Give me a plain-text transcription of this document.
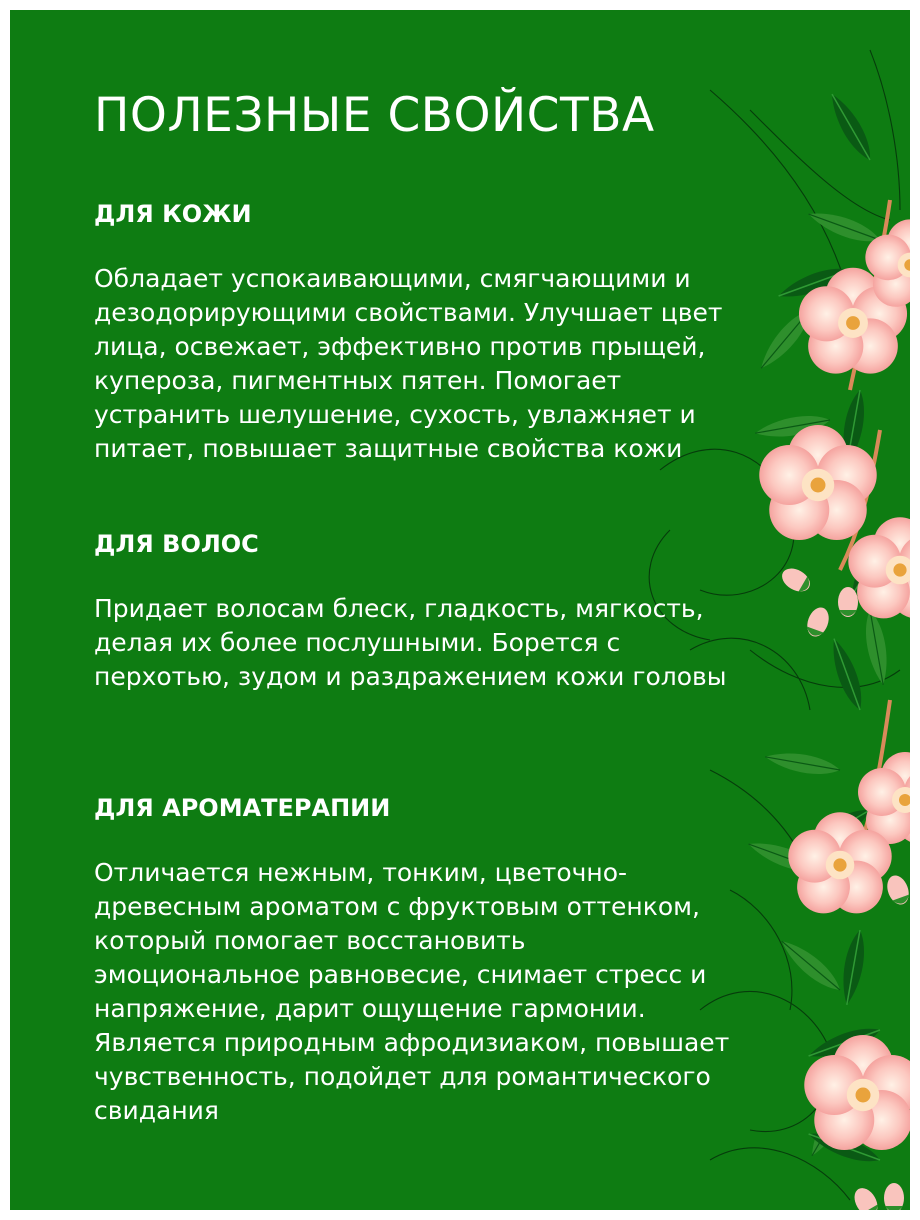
ПОЛЕЗНЫЕ СВОЙСТВА
ДЛЯ КОЖИ

Обладает успокаивающими, смягчающими и дезодорирующими свойствами. Улучшает цвет лица, освежает, эффективно против прыщей, купероза, пигментных пятен. Помогает устранить шелушение, сухость, увлажняет и питает, повышает защитные свойства кожи

ДЛЯ ВОЛОС

Придает волосам блеск, гладкость, мягкость, делая их более послушными. Борется с перхотью, зудом и раздражением кожи головы

ДЛЯ АРОМАТЕРАПИИ

Отличается нежным, тонким, цветочно-древесным ароматом с фруктовым оттенком, который помогает восстановить эмоциональное равновесие, снимает стресс и напряжение, дарит ощущение гармонии. Является природным афродизиаком, повышает чувственность, подойдет для романтического свидания
